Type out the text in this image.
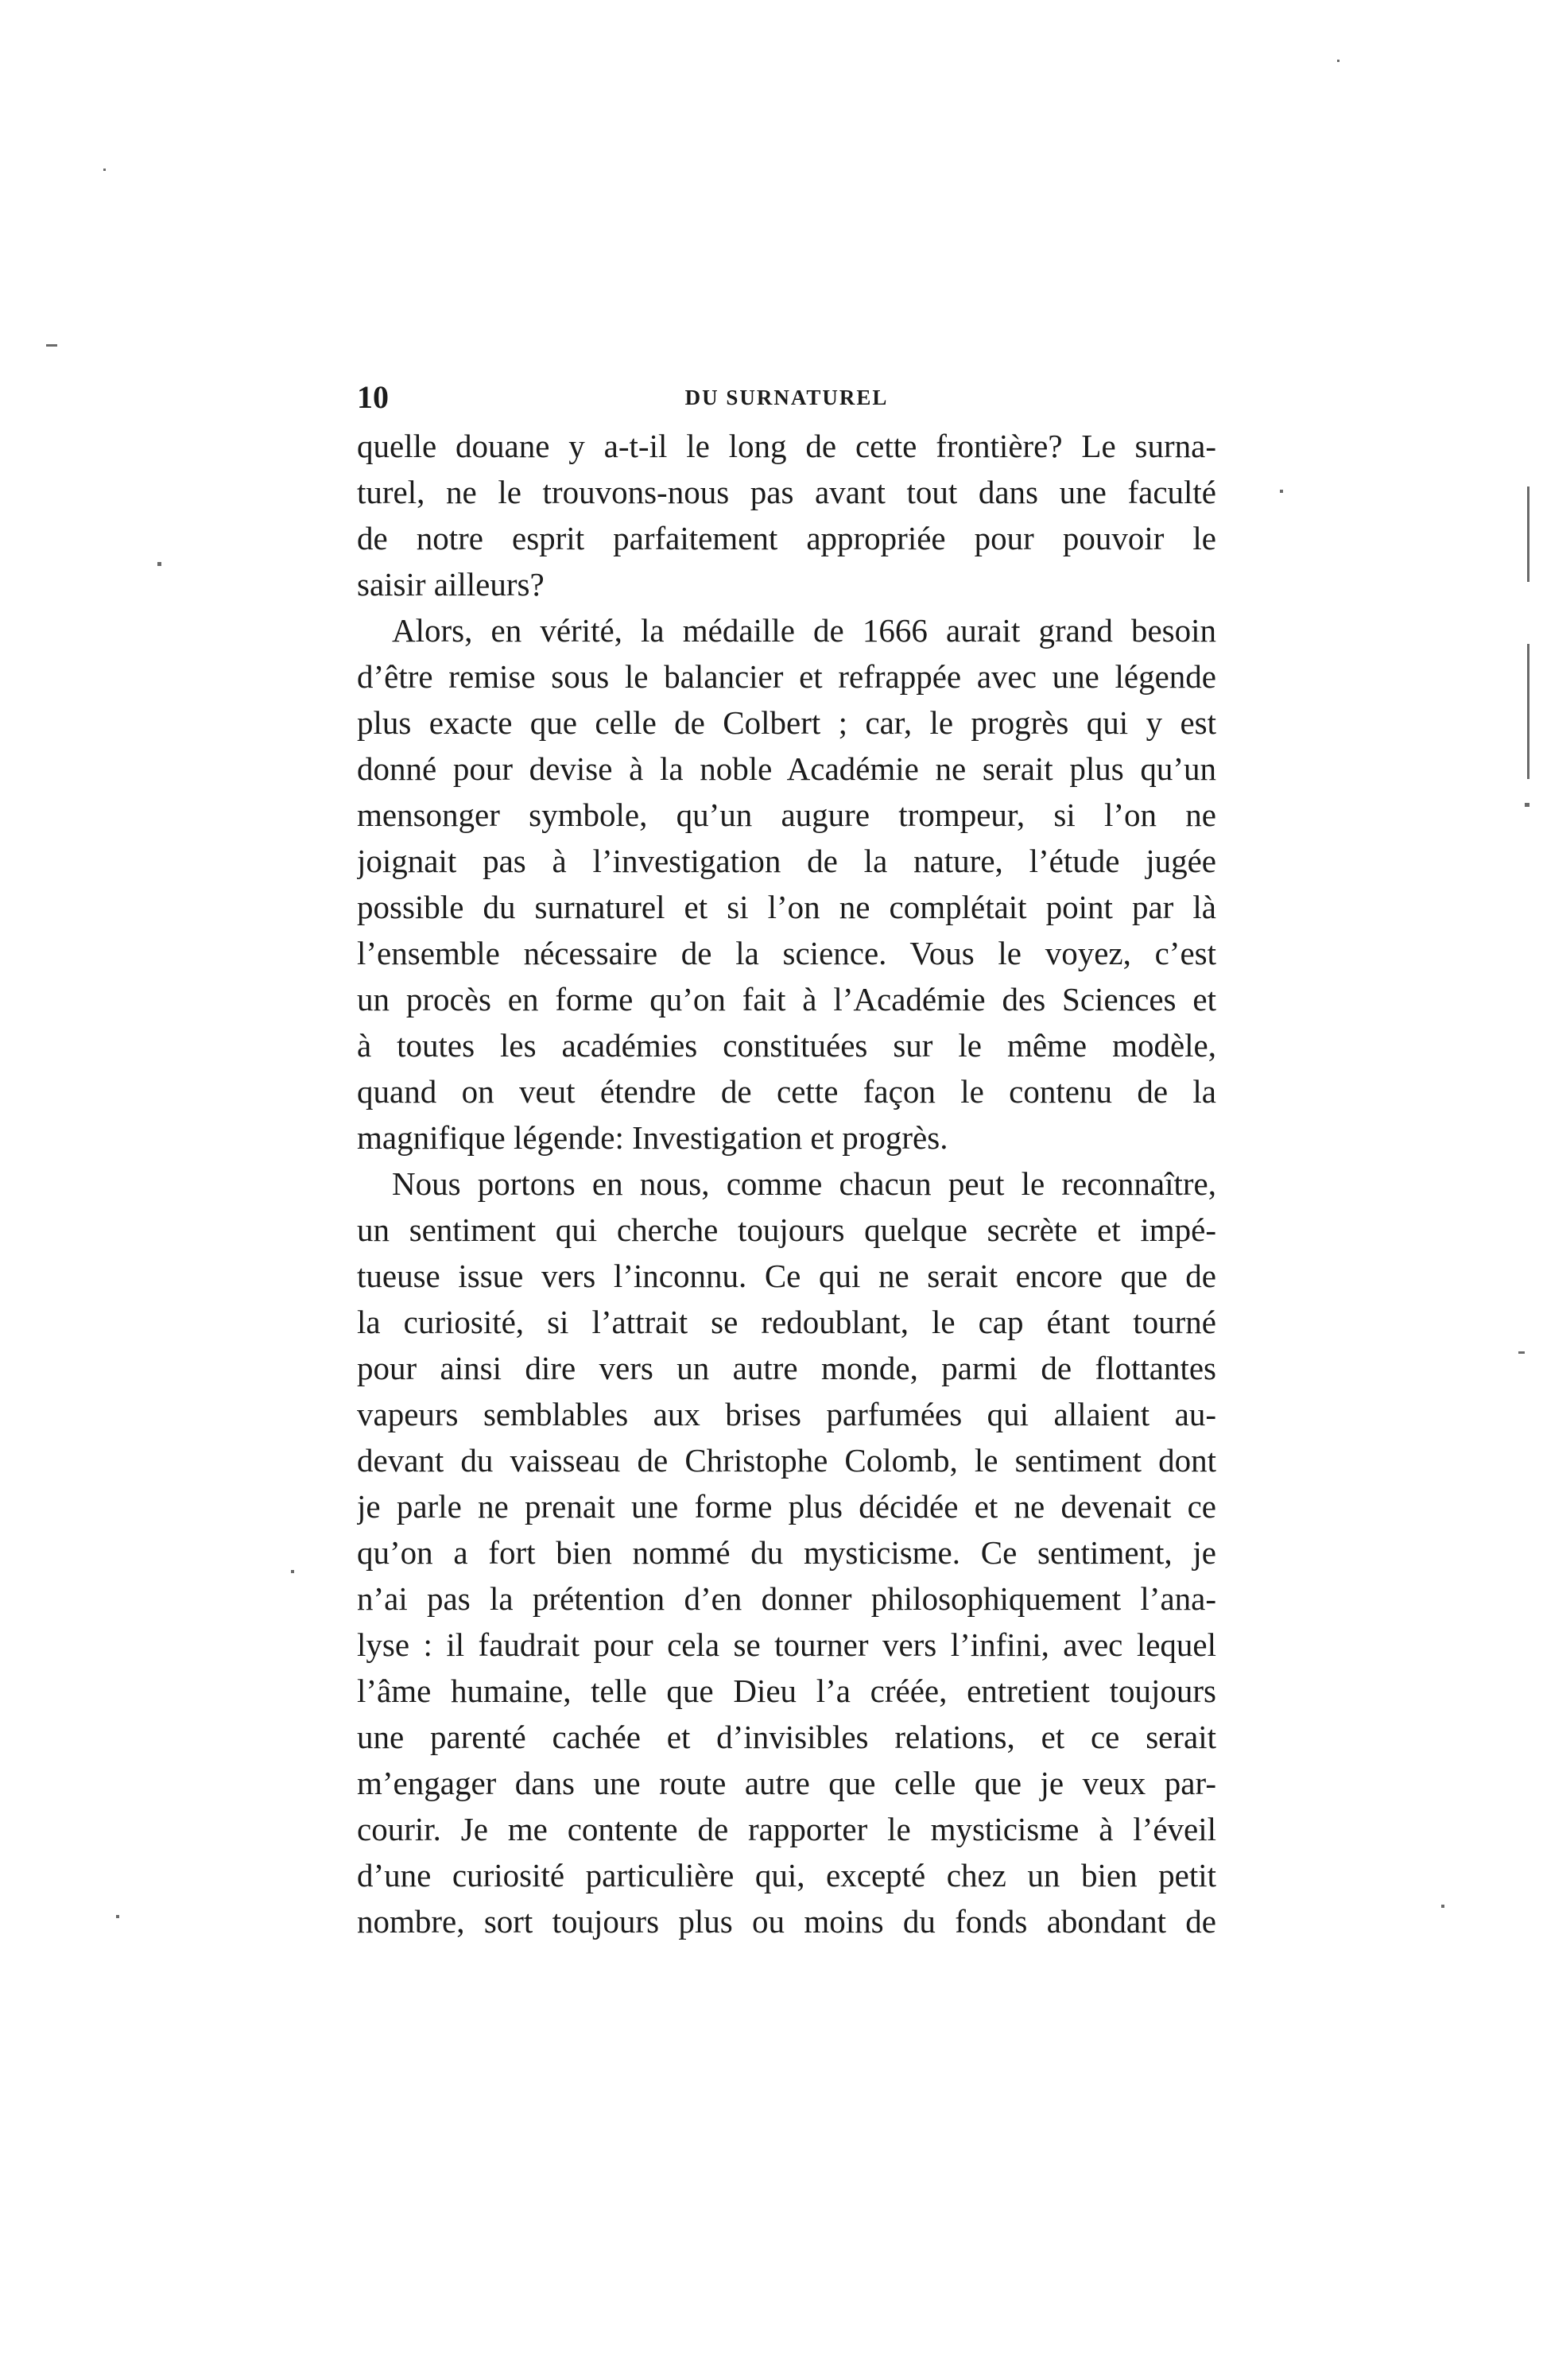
10	DU SURNATUREL
quelle douane y a-t-il le long de cette frontière? Le surna-
turel, ne le trouvons-nous pas avant tout dans une faculté
de notre esprit parfaitement appropriée pour pouvoir le
saisir ailleurs?
Alors, en vérité, la médaille de 1666 aurait grand besoin
d’être remise sous le balancier et refrappée avec une légende
plus exacte que celle de Colbert ; car, le progrès qui y est
donné pour devise à la noble Académie ne serait plus qu’un
mensonger symbole, qu’un augure trompeur, si l’on ne
joignait pas à l’investigation de la nature, l’étude jugée
possible du surnaturel et si l’on ne complétait point par là
l’ensemble nécessaire de la science. Vous le voyez, c’est
un procès en forme qu’on fait à l’Académie des Sciences et
à toutes les académies constituées sur le même modèle,
quand on veut étendre de cette façon le contenu de la
magnifique légende: Investigation et progrès.
Nous portons en nous, comme chacun peut le reconnaître,
un sentiment qui cherche toujours quelque secrète et impé-
tueuse issue vers l’inconnu. Ce qui ne serait encore que de
la curiosité, si l’attrait se redoublant, le cap étant tourné
pour ainsi dire vers un autre monde, parmi de flottantes
vapeurs semblables aux brises parfumées qui allaient au-
devant du vaisseau de Christophe Colomb, le sentiment dont
je parle ne prenait une forme plus décidée et ne devenait ce
qu’on a fort bien nommé du mysticisme. Ce sentiment, je
n’ai pas la prétention d’en donner philosophiquement l’ana-
lyse : il faudrait pour cela se tourner vers l’infini, avec lequel
l’âme humaine, telle que Dieu l’a créée, entretient toujours
une parenté cachée et d’invisibles relations, et ce serait
m’engager dans une route autre que celle que je veux par-
courir. Je me contente de rapporter le mysticisme à l’éveil
d’une curiosité particulière qui, excepté chez un bien petit
nombre, sort toujours plus ou moins du fonds abondant de
